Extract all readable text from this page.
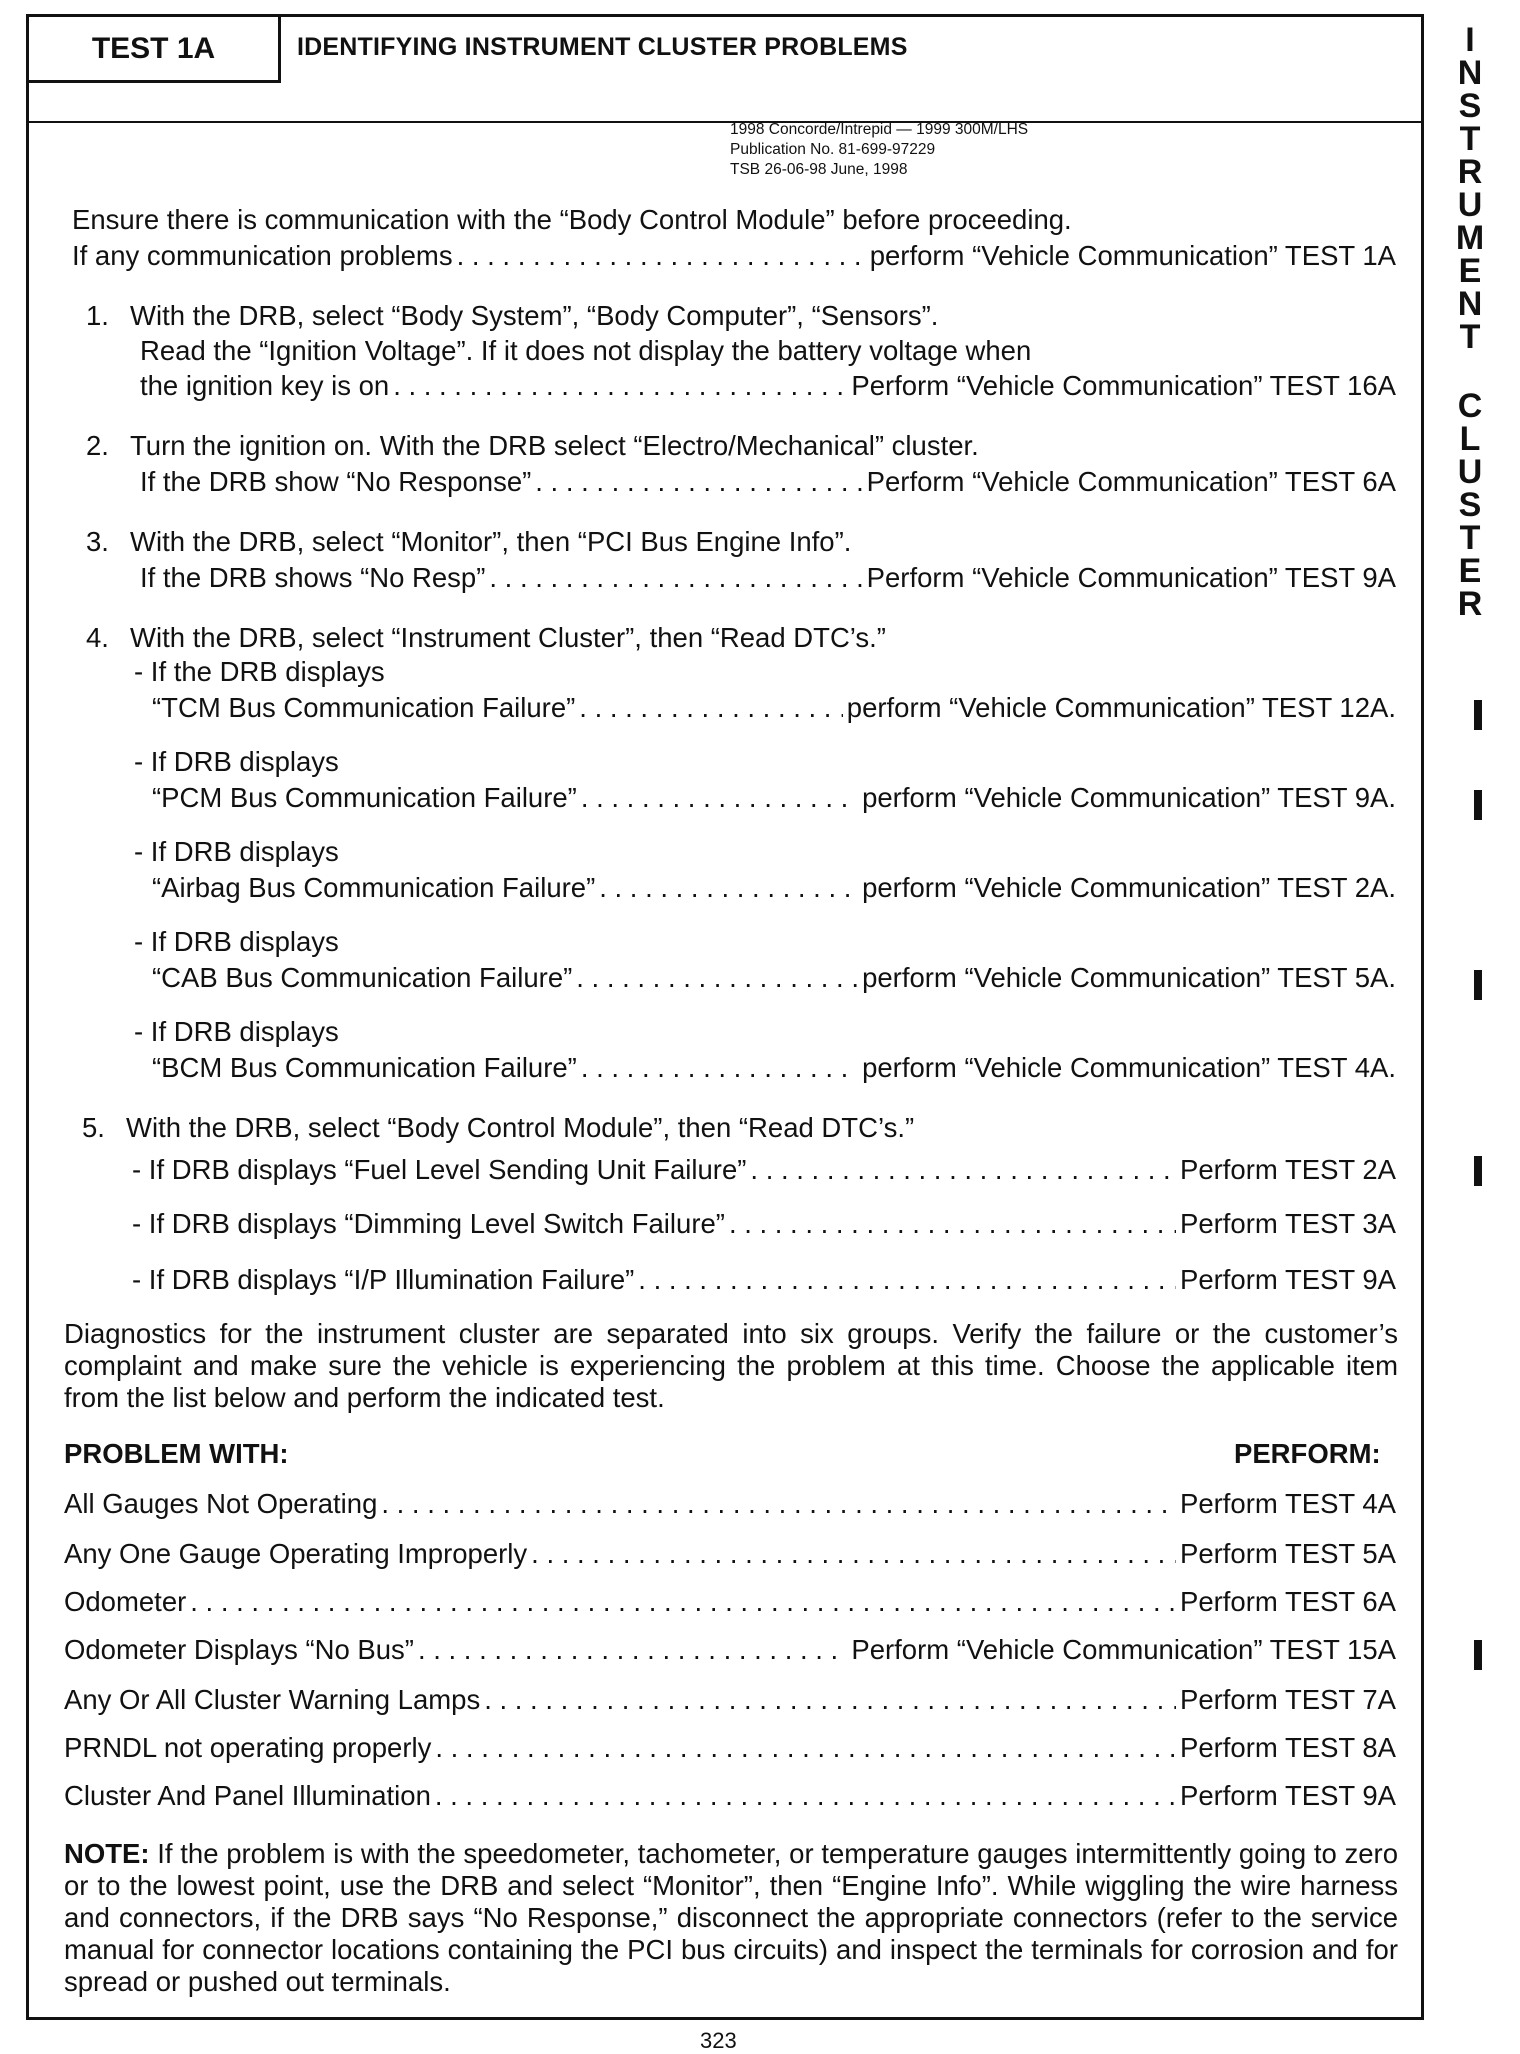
TEST 1A	IDENTIFYING INSTRUMENT CLUSTER PROBLEMS
1998 Concorde/Intrepid — 1999 300M/LHS
Publication No. 81-699-97229
TSB 26-06-98 June, 1998
Ensure there is communication with the “Body Control Module” before proceeding.
If any communication problems . . .	perform “Vehicle Communication” TEST 1A
1. With the DRB, select “Body System”, “Body Computer”, “Sensors”.
Read the “Ignition Voltage”. If it does not display the battery voltage when
the ignition key is on . . .	Perform “Vehicle Communication” TEST 16A
2. Turn the ignition on. With the DRB select “Electro/Mechanical” cluster.
If the DRB show “No Response” . . .	Perform “Vehicle Communication” TEST 6A
3. With the DRB, select “Monitor”, then “PCI Bus Engine Info”.
If the DRB shows “No Resp” . . .	Perform “Vehicle Communication” TEST 9A
4. With the DRB, select “Instrument Cluster”, then “Read DTC’s.”
- If the DRB displays
“TCM Bus Communication Failure” . . .	perform “Vehicle Communication” TEST 12A.
- If DRB displays
“PCM Bus Communication Failure” . . .	perform “Vehicle Communication” TEST 9A.
- If DRB displays
“Airbag Bus Communication Failure” . . .	perform “Vehicle Communication” TEST 2A.
- If DRB displays
“CAB Bus Communication Failure” . . .	perform “Vehicle Communication” TEST 5A.
- If DRB displays
“BCM Bus Communication Failure” . . .	perform “Vehicle Communication” TEST 4A.
5. With the DRB, select “Body Control Module”, then “Read DTC’s.”
- If DRB displays “Fuel Level Sending Unit Failure” . . .	Perform TEST 2A
- If DRB displays “Dimming Level Switch Failure” . . .	Perform TEST 3A
- If DRB displays “I/P Illumination Failure” . . .	Perform TEST 9A
Diagnostics for the instrument cluster are separated into six groups. Verify the failure or the customer’s complaint and make sure the vehicle is experiencing the problem at this time. Choose the applicable item from the list below and perform the indicated test.
PROBLEM WITH:	PERFORM:
All Gauges Not Operating . . .	Perform TEST 4A
Any One Gauge Operating Improperly . . .	Perform TEST 5A
Odometer . . .	Perform TEST 6A
Odometer Displays “No Bus” . . .	Perform “Vehicle Communication” TEST 15A
Any Or All Cluster Warning Lamps . . .	Perform TEST 7A
PRNDL not operating properly . . .	Perform TEST 8A
Cluster And Panel Illumination . . .	Perform TEST 9A
NOTE: If the problem is with the speedometer, tachometer, or temperature gauges intermittently going to zero or to the lowest point, use the DRB and select “Monitor”, then “Engine Info”. While wiggling the wire harness and connectors, if the DRB says “No Response,” disconnect the appropriate connectors (refer to the service manual for connector locations containing the PCI bus circuits) and inspect the terminals for corrosion and for spread or pushed out terminals.
I
N
S
T
R
U
M
E
N
T
C
L
U
S
T
E
R
323
